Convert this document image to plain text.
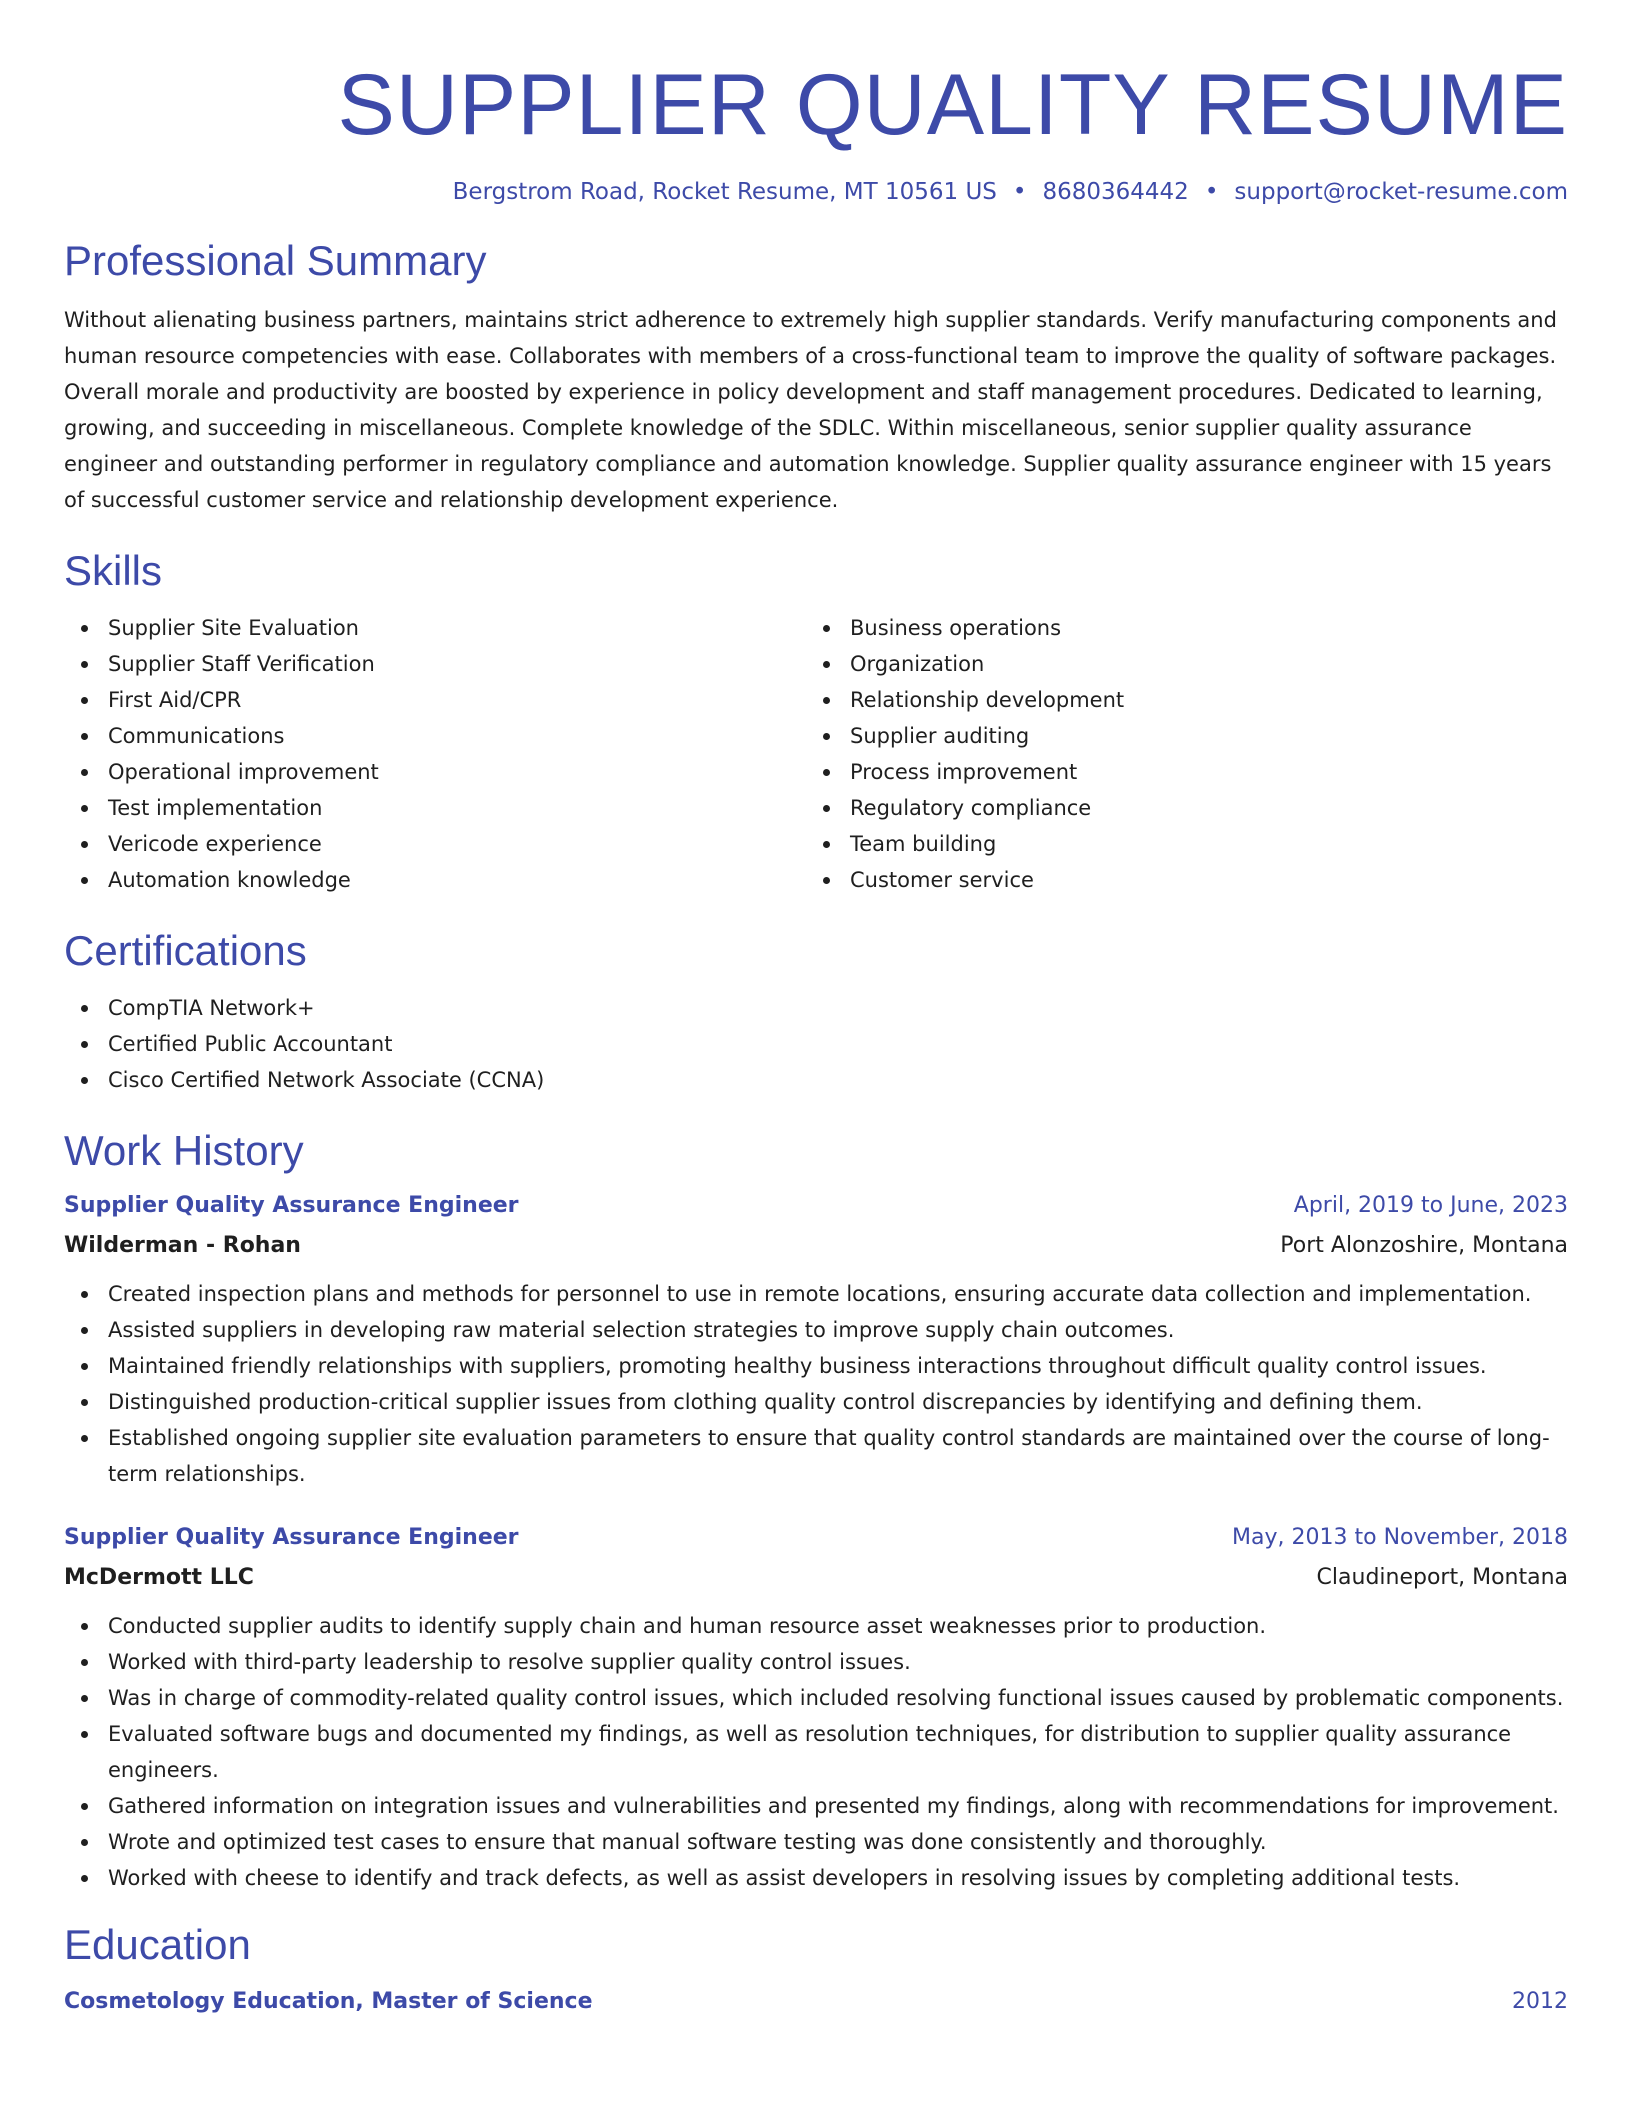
SUPPLIER QUALITY RESUME
Bergstrom Road, Rocket Resume, MT 10561 US • 8680364442 • support@rocket-resume.com
Professional Summary

Without alienating business partners, maintains strict adherence to extremely high supplier standards. Verify manufacturing components and human resource competencies with ease. Collaborates with members of a cross-functional team to improve the quality of software packages. Overall morale and productivity are boosted by experience in policy development and staff management procedures. Dedicated to learning, growing, and succeeding in miscellaneous. Complete knowledge of the SDLC. Within miscellaneous, senior supplier quality assurance engineer and outstanding performer in regulatory compliance and automation knowledge. Supplier quality assurance engineer with 15 years of successful customer service and relationship development experience.

Skills
Supplier Site Evaluation
Supplier Staff Verification
First Aid/CPR
Communications
Operational improvement
Test implementation
Vericode experience
Automation knowledge
Business operations
Organization
Relationship development
Supplier auditing
Process improvement
Regulatory compliance
Team building
Customer service
Certifications
CompTIA Network+
Certified Public Accountant
Cisco Certified Network Associate (CCNA)
Work History
Supplier Quality Assurance Engineer	April, 2019 to June, 2023
Wilderman - Rohan	Port Alonzoshire, Montana
Created inspection plans and methods for personnel to use in remote locations, ensuring accurate data collection and implementation.
Assisted suppliers in developing raw material selection strategies to improve supply chain outcomes.
Maintained friendly relationships with suppliers, promoting healthy business interactions throughout difficult quality control issues.
Distinguished production-critical supplier issues from clothing quality control discrepancies by identifying and defining them.
Established ongoing supplier site evaluation parameters to ensure that quality control standards are maintained over the course of long-term relationships.
Supplier Quality Assurance Engineer	May, 2013 to November, 2018
McDermott LLC	Claudineport, Montana
Conducted supplier audits to identify supply chain and human resource asset weaknesses prior to production.
Worked with third-party leadership to resolve supplier quality control issues.
Was in charge of commodity-related quality control issues, which included resolving functional issues caused by problematic components.
Evaluated software bugs and documented my findings, as well as resolution techniques, for distribution to supplier quality assurance engineers.
Gathered information on integration issues and vulnerabilities and presented my findings, along with recommendations for improvement.
Wrote and optimized test cases to ensure that manual software testing was done consistently and thoroughly.
Worked with cheese to identify and track defects, as well as assist developers in resolving issues by completing additional tests.
Education
Cosmetology Education, Master of Science	2012
